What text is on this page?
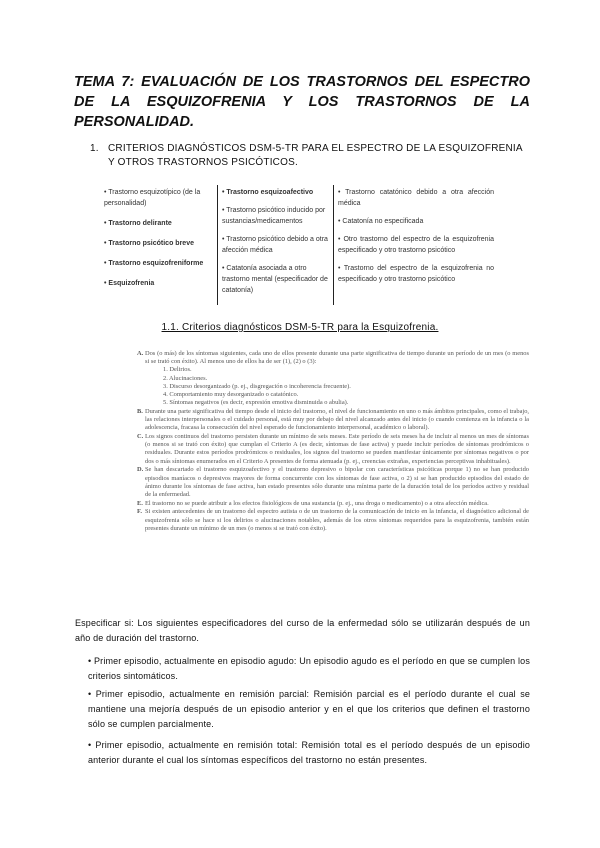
TEMA 7: EVALUACIÓN DE LOS TRASTORNOS DEL ESPECTRO DE LA ESQUIZOFRENIA Y LOS TRASTORNOS DE LA PERSONALIDAD.
1. CRITERIOS DIAGNÓSTICOS DSM-5-TR PARA EL ESPECTRO DE LA ESQUIZOFRENIA Y OTROS TRASTORNOS PSICÓTICOS.
• Trastorno esquizotípico (de la personalidad)
• Trastorno delirante
• Trastorno psicótico breve
• Trastorno esquizofreniforme
• Esquizofrenia
• Trastorno esquizoafectivo
• Trastorno psicótico inducido por sustancias/medicamentos
• Trastorno psicótico debido a otra afección médica
• Catatonía asociada a otro trastorno mental (especificador de catatonía)
• Trastorno catatónico debido a otra afección médica
• Catatonía no especificada
• Otro trastorno del espectro de la esquizofrenia especificado y otro trastorno psicótico
• Trastorno del espectro de la esquizofrenia no especificado y otro trastorno psicótico
1.1. Criterios diagnósticos DSM-5-TR para la Esquizofrenia.
A. Dos (o más) de los síntomas siguientes, cada uno de ellos presente durante una parte significativa de tiempo durante un período de un mes (o menos si se trató con éxito). Al menos uno de ellos ha de ser (1), (2) o (3):
1. Delirios.
2. Alucinaciones.
3. Discurso desorganizado (p. ej., disgregación o incoherencia frecuente).
4. Comportamiento muy desorganizado o catatónico.
5. Síntomas negativos (es decir, expresión emotiva disminuida o abulia).
B. Durante una parte significativa del tiempo desde el inicio del trastorno, el nivel de funcionamiento en uno o más ámbitos principales, como el trabajo, las relaciones interpersonales o el cuidado personal, está muy por debajo del nivel alcanzado antes del inicio (o cuando comienza en la infancia o la adolescencia, fracasa la consecución del nivel esperado de funcionamiento interpersonal, académico o laboral).
C. Los signos continuos del trastorno persisten durante un mínimo de seis meses. Este período de seis meses ha de incluir al menos un mes de síntomas (o menos si se trató con éxito) que cumplan el Criterio A (es decir, síntomas de fase activa) y puede incluir períodos de síntomas prodrómicos o residuales. Durante estos períodos prodrómicos o residuales, los signos del trastorno se pueden manifestar únicamente por síntomas negativos o por dos o más síntomas enumerados en el Criterio A presentes de forma atenuada (p. ej., creencias extrañas, experiencias perceptivas inhabituales).
D. Se han descartado el trastorno esquizoafectivo y el trastorno depresivo o bipolar con características psicóticas porque 1) no se han producido episodios maníacos o depresivos mayores de forma concurrente con los síntomas de fase activa, o 2) si se han producido episodios del estado de ánimo durante los síntomas de fase activa, han estado presentes sólo durante una mínima parte de la duración total de los períodos activo y residual de la enfermedad.
E. El trastorno no se puede atribuir a los efectos fisiológicos de una sustancia (p. ej., una droga o medicamento) o a otra afección médica.
F. Si existen antecedentes de un trastorno del espectro autista o de un trastorno de la comunicación de inicio en la infancia, el diagnóstico adicional de esquizofrenia sólo se hace si los delirios o alucinaciones notables, además de los otros síntomas requeridos para la esquizofrenia, también están presentes durante un mínimo de un mes (o menos si se trató con éxito).

Especificar si: Los siguientes especificadores del curso de la enfermedad sólo se utilizarán después de un año de duración del trastorno.

• Primer episodio, actualmente en episodio agudo: Un episodio agudo es el período en que se cumplen los criterios sintomáticos.

• Primer episodio, actualmente en remisión parcial: Remisión parcial es el período durante el cual se mantiene una mejoría después de un episodio anterior y en el que los criterios que definen el trastorno sólo se cumplen parcialmente.

• Primer episodio, actualmente en remisión total: Remisión total es el período después de un episodio anterior durante el cual los síntomas específicos del trastorno no están presentes.
